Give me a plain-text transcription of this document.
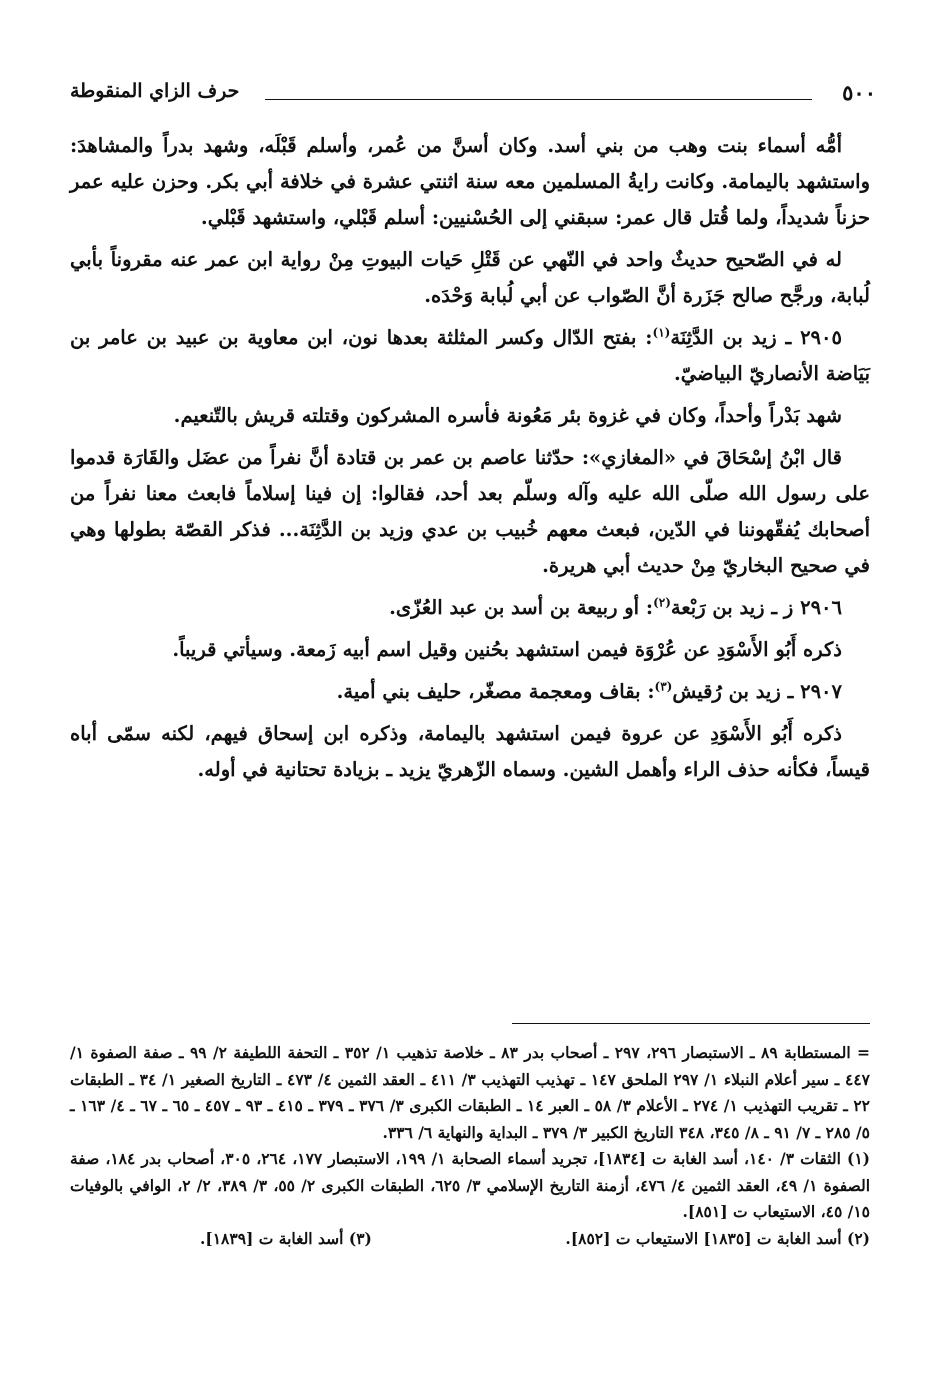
٥٠٠
حرف الزاي المنقوطة

أمُّه أسماء بنت وهب من بني أسد. وكان أسنَّ من عُمر، وأسلم قَبْلَه، وشهد بدراً والمشاهدَ: واستشهد باليمامة. وكانت رايةُ المسلمين معه سنة اثنتي عشرة في خلافة أبي بكر. وحزن عليه عمر حزناً شديداً، ولما قُتل قال عمر: سبقني إلى الحُسْنيين: أسلم قَبْلي، واستشهد قَبْلي.

له في الصّحيح حديثٌ واحد في النّهي عن قَتْلِ حَيات البيوتِ مِنْ رواية ابن عمر عنه مقروناً بأبي لُبابة، ورجَّح صالح جَزَرة أنَّ الصّواب عن أبي لُبابة وَحْدَه.

٢٩٠٥ ـ زيد بن الدَّثِنَة$^{(١)}$: بفتح الدّال وكسر المثلثة بعدها نون، ابن معاوية بن عبيد بن عامر بن بَيَاضة الأنصاريّ البياضيّ.

شهد بَدْراً وأحداً، وكان في غزوة بئر مَعُونة فأسره المشركون وقتلته قريش بالتّنعيم.

قال ابْنُ إسْحَاقَ في «المغازي»: حدّثنا عاصم بن عمر بن قتادة أنَّ نفراً من عضَل والقَارَة قدموا على رسول الله صلّى الله عليه وآله وسلّم بعد أحد، فقالوا: إن فينا إسلاماً فابعث معنا نفراً من أصحابك يُفقّهوننا في الدّين، فبعث معهم خُبيب بن عدي وزيد بن الدَّثِنَة... فذكر القصّة بطولها وهي في صحيح البخاريّ مِنْ حديث أبي هريرة.

٢٩٠٦ ز ـ زيد بن رَبْعة$^{(٢)}$: أو ربيعة بن أسد بن عبد العُزّى.

ذكره أَبُو الأَسْوَدِ عن عُرْوَة فيمن استشهد بحُنين وقيل اسم أبيه زَمعة. وسيأتي قريباً.

٢٩٠٧ ـ زيد بن رُقيش$^{(٣)}$: بقاف ومعجمة مصغّر، حليف بني أمية.

ذكره أَبُو الأَسْوَدِ عن عروة فيمن استشهد باليمامة، وذكره ابن إسحاق فيهم، لكنه سمّى أباه قيساً، فكأنه حذف الراء وأهمل الشين. وسماه الزّهريّ يزيد ـ بزيادة تحتانية في أوله.

= المستطابة ٨٩ ـ الاستبصار ٢٩٦، ٢٩٧ ـ أصحاب بدر ٨٣ ـ خلاصة تذهيب ١/ ٣٥٢ ـ التحفة اللطيفة ٢/ ٩٩ ـ صفة الصفوة ١/ ٤٤٧ ـ سير أعلام النبلاء ١/ ٢٩٧ الملحق ١٤٧ ـ تهذيب التهذيب ٣/ ٤١١ ـ العقد الثمين ٤/ ٤٧٣ ـ التاريخ الصغير ١/ ٣٤ ـ الطبقات ٢٢ ـ تقريب التهذيب ١/ ٢٧٤ ـ الأعلام ٣/ ٥٨ ـ العبر ١٤ ـ الطبقات الكبرى ٣/ ٣٧٦ ـ ٣٧٩ ـ ٤١٥ ـ ٩٣ ـ ٤٥٧ ـ ٦٥ ـ ٦٧ ـ ٤/ ١٦٣ ـ ٥/ ٢٨٥ ـ ٧/ ٩١ ـ ٨/ ٣٤٥، ٣٤٨ التاريخ الكبير ٣/ ٣٧٩ ـ البداية والنهاية ٦/ ٣٣٦.

(١) الثقات ٣/ ١٤٠، أسد الغابة ت [١٨٣٤]، تجريد أسماء الصحابة ١/ ١٩٩، الاستبصار ١٧٧، ٢٦٤، ٣٠٥، أصحاب بدر ١٨٤، صفة الصفوة ١/ ٤٩، العقد الثمين ٤/ ٤٧٦، أزمنة التاريخ الإسلامي ٣/ ٦٢٥، الطبقات الكبرى ٢/ ٥٥، ٣/ ٣٨٩، ٢/ ٢، الوافي بالوفيات ١٥/ ٤٥، الاستيعاب ت [٨٥١].

(٢) أسد الغابة ت [١٨٣٥] الاستيعاب ت [٨٥٢].
(٣) أسد الغابة ت [١٨٣٩].
